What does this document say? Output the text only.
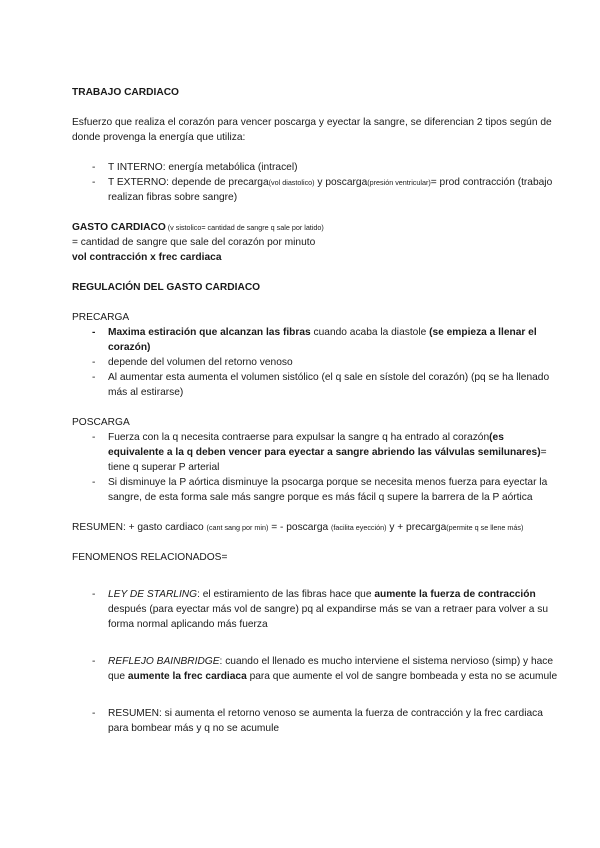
TRABAJO CARDIACO

Esfuerzo que realiza el corazón para vencer poscarga y eyectar la sangre, se diferencian 2 tipos según de donde provenga la energía que utiliza:

- T INTERNO: energía metabólica (intracel)
- T EXTERNO: depende de precarga(vol diastolico) y poscarga(presión ventricular)= prod contracción (trabajo realizan fibras sobre sangre)

GASTO CARDIACO (v sistolico= cantidad de sangre q sale por latido)

= cantidad de sangre que sale del corazón por minuto

vol contracción x frec cardiaca

REGULACIÓN DEL GASTO CARDIACO

PRECARGA

- Maxima estiración que alcanzan las fibras cuando acaba la diastole (se empieza a llenar el corazón)
- depende del volumen del retorno venoso
- Al aumentar esta aumenta el volumen sistólico (el q sale en sístole del corazón) (pq se ha llenado más al estirarse)

POSCARGA

- Fuerza con la q necesita contraerse para expulsar la sangre q ha entrado al corazón(es equivalente a la q deben vencer para eyectar a sangre abriendo las válvulas semilunares)= tiene q superar P arterial
- Si disminuye la P aórtica disminuye la psocarga porque se necesita menos fuerza para eyectar la sangre, de esta forma sale más sangre porque es más fácil q supere la barrera de la P aórtica

RESUMEN: + gasto cardiaco (cant sang por min) = - poscarga (facilita eyección) y + precarga(permite q se llene más)

FENOMENOS RELACIONADOS=

- LEY DE STARLING: el estiramiento de las fibras hace que aumente la fuerza de contracción después (para eyectar más vol de sangre) pq al expandirse más se van a retraer para volver a su forma normal aplicando más fuerza
- REFLEJO BAINBRIDGE: cuando el llenado es mucho interviene el sistema nervioso (simp) y hace que aumente la frec cardiaca para que aumente el vol de sangre bombeada y esta no se acumule
- RESUMEN: si aumenta el retorno venoso se aumenta la fuerza de contracción y la frec cardiaca para bombear más y q no se acumule
